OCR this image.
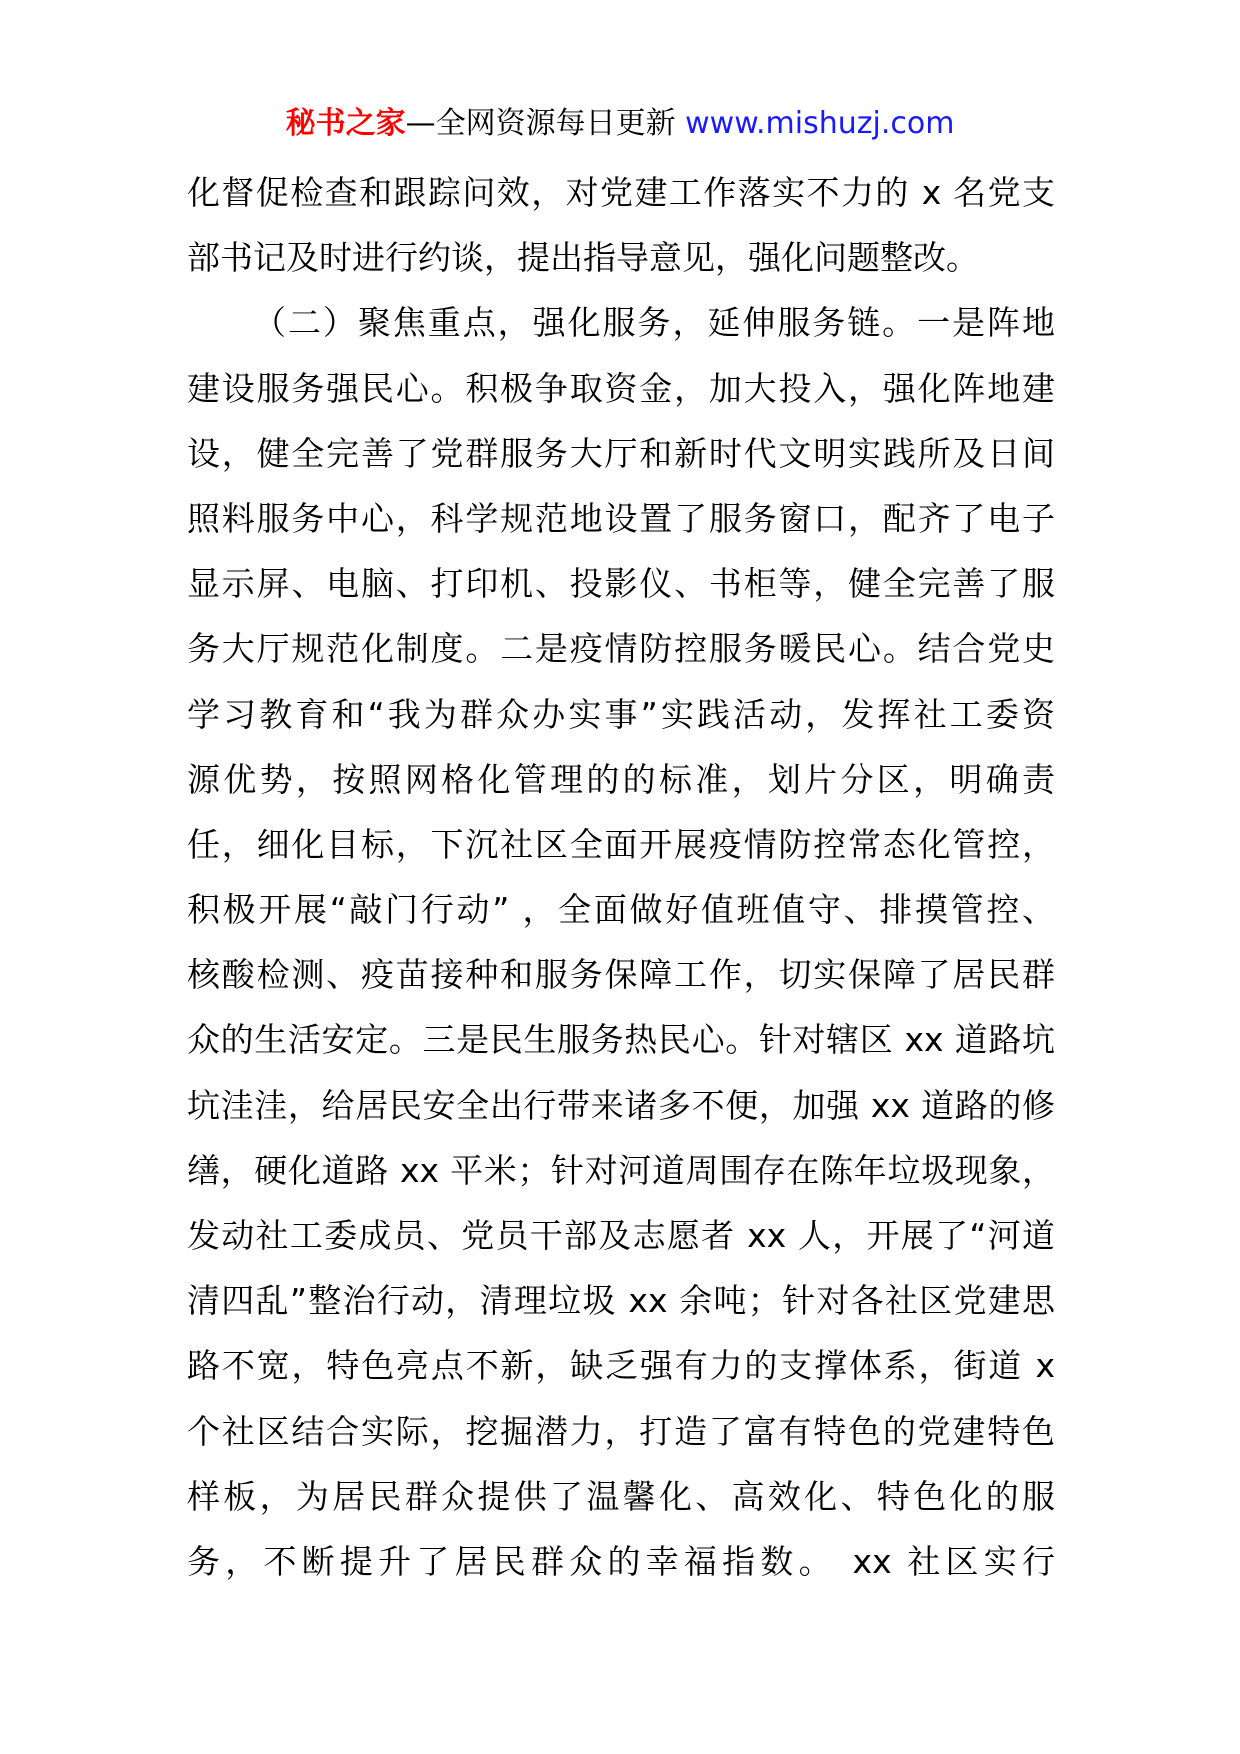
秘书之家—全网资源每日更新 www.mishuzj.com
化督促检查和跟踪问效，对党建工作落实不力的 x 名党支
部书记及时进行约谈，提出指导意见，强化问题整改。
（二）聚焦重点，强化服务，延伸服务链。一是阵地
建设服务强民心。积极争取资金，加大投入，强化阵地建
设，健全完善了党群服务大厅和新时代文明实践所及日间
照料服务中心，科学规范地设置了服务窗口，配齐了电子
显示屏、电脑、打印机、投影仪、书柜等，健全完善了服
务大厅规范化制度。二是疫情防控服务暖民心。结合党史
学习教育和“我为群众办实事”实践活动，发挥社工委资
源优势，按照网格化管理的的标准，划片分区，明确责
任，细化目标，下沉社区全面开展疫情防控常态化管控，
积极开展“敲门行动” ，全面做好值班值守、排摸管控、
核酸检测、疫苗接种和服务保障工作，切实保障了居民群
众的生活安定。三是民生服务热民心。针对辖区 xx 道路坑
坑洼洼，给居民安全出行带来诸多不便，加强 xx 道路的修
缮，硬化道路 xx 平米；针对河道周围存在陈年垃圾现象，
发动社工委成员、党员干部及志愿者 xx 人，开展了“河道
清四乱”整治行动，清理垃圾 xx 余吨；针对各社区党建思
路不宽，特色亮点不新，缺乏强有力的支撑体系，街道 x
个社区结合实际，挖掘潜力，打造了富有特色的党建特色
样板，为居民群众提供了温馨化、高效化、特色化的服
务，不断提升了居民群众的幸福指数。 xx 社区实行
